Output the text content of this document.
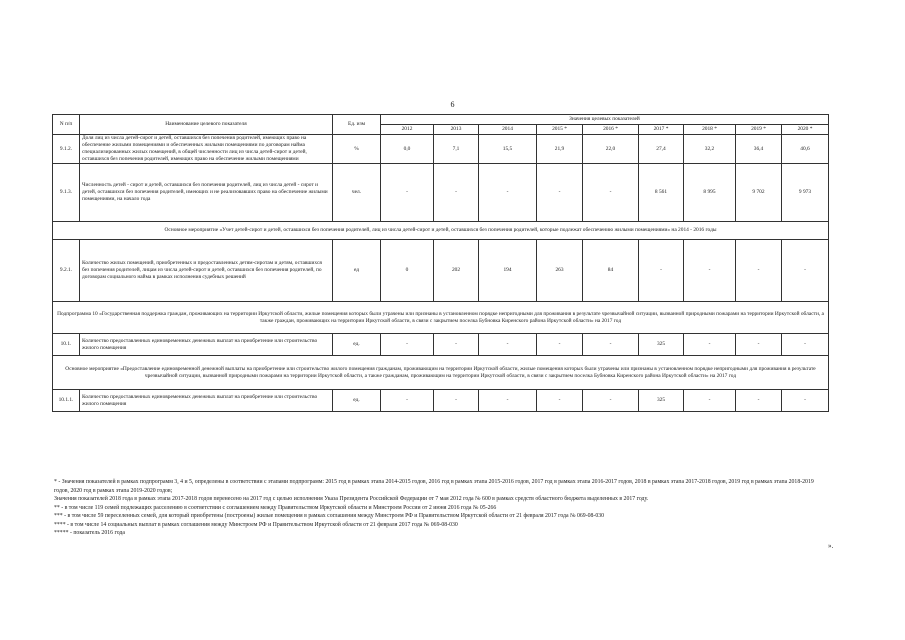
6
N п/п	Наименование целевого показателя	Ед. изм	Значения целевых показателей								
			2012	2013	2014	2015 *	2016 *	2017 *	2018 *	2019 *	2020 *
9.1.2.	Доля лиц из числа детей-сирот и детей, оставшихся без попечения родителей, имеющих право на обеспечение жилыми помещениями и обеспеченных жилыми помещениями по договорам найма специализированных жилых помещений, в общей численности лиц из числа детей-сирот и детей, оставшихся без попечения родителей, имеющих право на обеспечение жилыми помещениями	%	0,0	7,1	15,5	21,9	22,0	27,4	32,2	36,4	40,6
9.1.3.	Численность детей - сирот и детей, оставшихся без попечения родителей, лиц из числа детей - сирот и детей, оставшихся без попечения родителей, имеющих и не реализовавших право на обеспечение жилыми помещениями, на начало года	чел.	-	-	-	-	-	8 561	8 995	9 702	9 973
Основное мероприятие «Учет детей-сирот и детей, оставшихся без попечения родителей, лиц из числа детей-сирот и детей, оставшихся без попечения родителей, которые подлежат обеспечению жилыми помещениями» на 2014 - 2016 годы											
9.2.1.	Количество жилых помещений, приобретенных и предоставленных детям-сиротам и детям, оставшихся без попечения родителей, лицам из числа детей-сирот и детей, оставшихся без попечения родителей, по договорам социального найма в рамках исполнения судебных решений	ед	0	202	194	263	84	-	-	-	-
Подпрограмма 10 «Государственная поддержка граждан, проживающих на территории Иркутской области, жилые помещения которых были утрачены или признаны в установленном порядке непригодными для проживания в результате чрезвычайной ситуации, вызванной природными пожарами на территории Иркутской области, а также граждан, проживающих на территории Иркутской области, в связи с закрытием поселка Бубновка Киренского района Иркутской области» на 2017 год											
10.1.	Количество предоставленных единовременных денежных выплат на приобретение или строительство жилого помещения	ед.	-	-	-	-	-	325	-	-	-
Основное мероприятие «Предоставление единовременной денежной выплаты на приобретение или строительство жилого помещения гражданам, проживающим на территории Иркутской области, жилые помещения которых были утрачены или признаны в установленном порядке непригодными для проживания в результате чрезвычайной ситуации, вызванной природными пожарами на территории Иркутской области, а также гражданам, проживающим на территории Иркутской области, в связи с закрытием поселка Бубновка Киренского района Иркутской области» на 2017 год											
10.1.1.	Количество предоставленных единовременных денежных выплат на приобретение или строительство жилого помещения	ед.	-	-	-	-	-	325	-	-	-
* - Значения показателей в рамках подпрограмм 3, 4 и 5, определены в соответствии с этапами подпрограмм: 2015 год в рамках этапа 2014-2015 годов, 2016 год в рамках этапа 2015-2016 годов, 2017 год в рамках этапа 2016-2017 годов, 2018 в рамках этапа 2017-2018 годов, 2019 год в рамках этапа 2018-2019 годов, 2020 год в рамках этапа 2019-2020 годов;
Значения показателей 2018 года в рамках этапа 2017-2018 годов перенесено на 2017 год с целью исполнения Указа Президента Российской Федерации от 7 мая 2012 года № 600 в рамках средств областного бюджета выделенных в 2017 году.
** - в том числе 119 семей подлежащих расселению в соответствии с соглашением между Правительством Иркутской области и Минстроем России от 2 июня 2016 года № 05-266
*** - в том числе 59 переселенных семей, для который приобретены (построены) жилые помещения в рамках соглашения между Минстроем РФ и Правительством Иркутской области от 21 февраля 2017 года № 069-08-030
**** - в том числе 14 социальных выплат в рамках соглашения между Минстроем РФ и Правительством Иркутской области от 21 февраля 2017 года № 069-08-030
***** - показатель 2016 года
».
